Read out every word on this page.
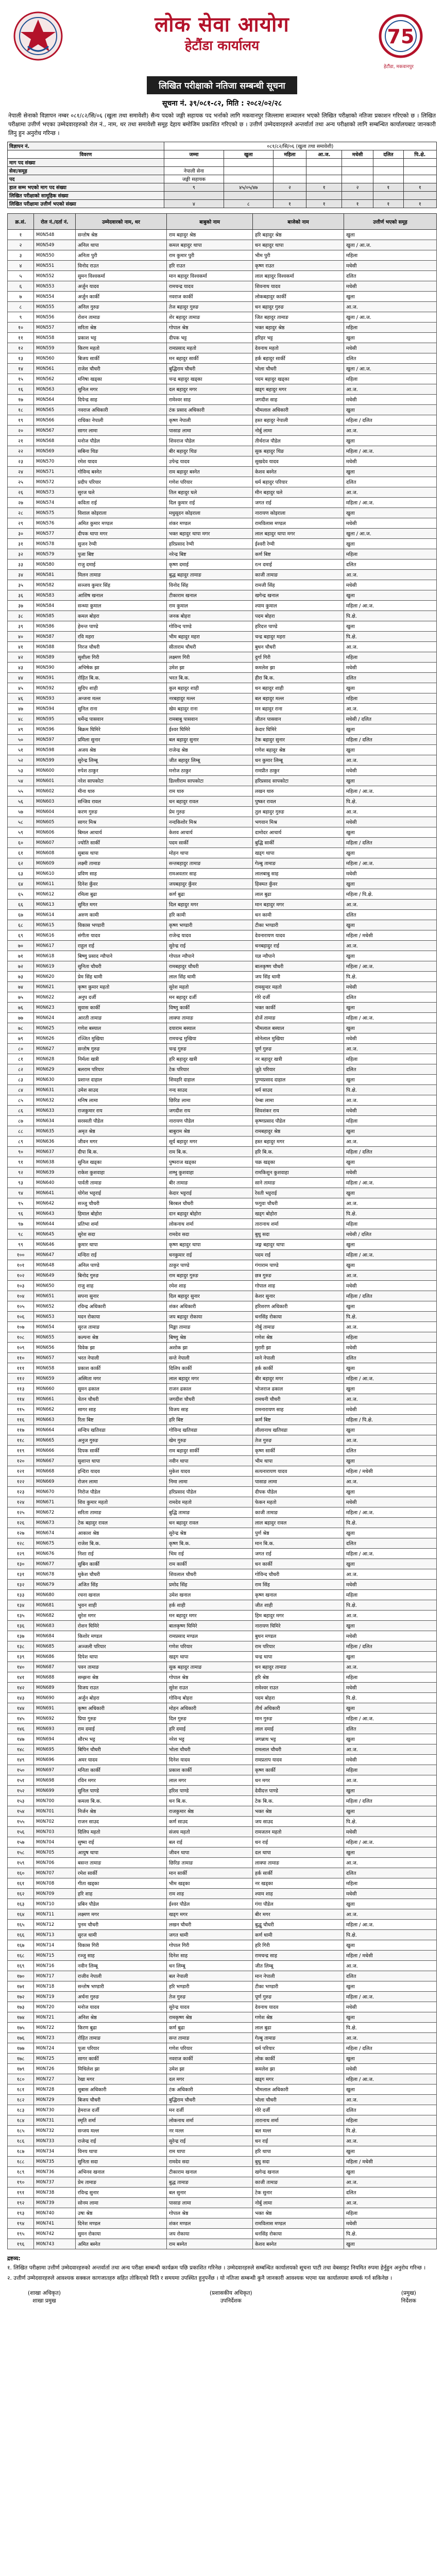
लोक सेवा आयोग
हेटौंडा कार्यालय	75
हेटौंडा, मकवानपुर
लिखित परीक्षाको नतिजा सम्बन्धी सूचना
सूचना नं. ३९/०८१-८२, मिति : २०८२/०२/२८
नेपाली सेनाको विज्ञापन नम्बर ०८१/८२/सि/०६ (खुला तथा समावेशी) सैन्य पदको जङ्गी सहायक पद भर्नाको लागि मकवानपुर जिल्लामा सञ्चालन भएको लिखित परीक्षाको नतिजा प्रकाशन गरिएको छ । लिखित परीक्षामा उत्तीर्ण भएका उम्मेदवारहरुको रोल नं., नाम, थर तथा समावेशी समूह देहाय बमोजिम प्रकाशित गरिएको छ । उत्तीर्ण उम्मेदवारहरुले अन्तर्वार्ता तथा अन्य परीक्षाको लागि सम्बन्धित कार्यालयबाट जानकारी लिनु हुन अनुरोध गरिन्छ ।
विज्ञापन नं.	०८१/८२/सि/०६ (खुला तथा समावेशी)						
विवरण	जम्मा	खुला	महिला	आ.ज.	मधेसी	दलित	पि.क्षे.
माग पद संख्या							
सेवा/समूह	नेपाली सेना						
पद	जङ्गी सहायक						
हाल सम्म भएको माग पद संख्या	९	४५/०५/४७	२	१	२	१	१
लिखित परीक्षाको सामूहिक संख्या							
लिखित परीक्षामा उत्तीर्ण भएको संख्या	४	८	१	१	१	१	१
क्र.सं.	रोल नं./दर्ता नं.	उम्मेदवारको नाम, थर	बाबुको नाम	बाजेको नाम	उत्तीर्ण भएको समूह
१	M0N548	सन्तोष श्रेष्ठ	राम बहादुर श्रेष्ठ	हरि बहादुर श्रेष्ठ	खुला
२	M0N549	अनिल थापा	कमल बहादुर थापा	धन बहादुर थापा	खुला / आ.ज.
३	M0N550	अनिता पुरी	राम कुमार पुरी	भीम पुरी	महिला
४	M0N551	विनोद राउत	हरि राउत	कृष्ण राउत	मधेसी
५	M0N552	सुमन विश्वकर्मा	मान बहादुर विश्वकर्मा	लाल बहादुर विश्वकर्मा	दलित
६	M0N553	अर्जुन यादव	रामचन्द्र यादव	शिवनाथ यादव	मधेसी
७	M0N554	अर्जुन कार्की	नवराज कार्की	लोकबहादुर कार्की	खुला
८	M0N555	अनिल गुरुङ	तेज बहादुर गुरुङ	धन बहादुर गुरुङ	आ.ज.
९	M0N556	रोशन तामाङ	शेर बहादुर तामाङ	जित बहादुर तामाङ	खुला / आ.ज.
१०	M0N557	सरिता श्रेष्ठ	गोपाल श्रेष्ठ	भक्त बहादुर श्रेष्ठ	महिला
११	M0N558	प्रकाश भट्ट	दीपक भट्ट	हरिहर भट्ट	खुला
१२	M0N559	किरण महतो	रामप्रसाद महतो	देवनाथ महतो	मधेसी
१३	M0N560	बिजय सार्की	मन बहादुर सार्की	हर्क बहादुर सार्की	दलित
१४	M0N561	राजेश चौधरी	बुद्धिराम चौधरी	भोला चौधरी	खुला / आ.ज.
१५	M0N562	मनिषा खड्का	चन्द्र बहादुर खड्का	पदम बहादुर खड्का	महिला
१६	M0N563	सुनिल मगर	दल बहादुर मगर	खड्ग बहादुर मगर	आ.ज.
१७	M0N564	दिपेन्द्र साह	रामेश्वर साह	जगदीश साह	मधेसी
१८	M0N565	नवराज अधिकारी	टंक प्रसाद अधिकारी	भीमलाल अधिकारी	खुला
१९	M0N566	राधिका नेपाली	कृष्ण नेपाली	हस्त बहादुर नेपाली	महिला / दलित
२०	M0N567	सागर लामा	पासाङ लामा	नोर्बु लामा	आ.ज.
२१	M0N568	मनोज पौडेल	शिवराज पौडेल	तीर्थराज पौडेल	खुला
२२	M0N569	सबिना थिङ	बीर बहादुर थिङ	सुक बहादुर थिङ	महिला / आ.ज.
२३	M0N570	रमेश यादव	उपेन्द्र यादव	सुखदेव यादव	मधेसी
२४	M0N571	गोविन्द बस्नेत	राम बहादुर बस्नेत	केशव बस्नेत	खुला
२५	M0N572	प्रदीप परियार	गणेश परियार	धर्म बहादुर परियार	दलित
२६	M0N573	सुरज घले	तिल बहादुर घले	मीन बहादुर घले	आ.ज.
२७	M0N574	कविता राई	दिल कुमार राई	जगत राई	महिला / आ.ज.
२८	M0N575	विशाल कोइराला	मधुसूदन कोइराला	नारायण कोइराला	खुला
२९	M0N576	अमित कुमार मण्डल	शंकर मण्डल	रामविलास मण्डल	मधेसी
३०	M0N577	दीपक थापा मगर	भक्त बहादुर थापा मगर	लाल बहादुर थापा मगर	खुला / आ.ज.
३१	M0N578	सुजन रेग्मी	हरिप्रसाद रेग्मी	ईश्वरी रेग्मी	खुला
३२	M0N579	पुजा बिष्ट	नरेन्द्र बिष्ट	कर्ण बिष्ट	महिला
३३	M0N580	राजु दमाई	कृष्ण दमाई	रत्न दमाई	दलित
३४	M0N581	मिलन तामाङ	बुद्ध बहादुर तामाङ	काजी तामाङ	आ.ज.
३५	M0N582	सञ्जय कुमार सिंह	विनोद सिंह	रामजी सिंह	मधेसी
३६	M0N583	आशिष खनाल	टीकाराम खनाल	खगेन्द्र खनाल	खुला
३७	M0N584	सन्ध्या कुमाल	राम कुमाल	श्याम कुमाल	महिला / आ.ज.
३८	M0N585	कमल बोहरा	जनक बोहरा	पदम बोहरा	पि.क्षे.
३९	M0N586	हेमन्त पाण्डे	गोविन्द पाण्डे	हरिदत्त पाण्डे	खुला
४०	M0N587	रवि महरा	भीम बहादुर महरा	चन्द्र बहादुर महरा	पि.क्षे.
४१	M0N588	निरज चौधरी	सीताराम चौधरी	बुधन चौधरी	आ.ज.
४२	M0N589	सुशीला गिरी	लक्ष्मण गिरी	दुर्गा गिरी	महिला
४३	M0N590	अभिषेक झा	उमेश झा	कमलेश झा	मधेसी
४४	M0N591	रोहित बि.क.	भरत बि.क.	हीरा बि.क.	दलित
४५	M0N592	सुदिप शाही	कुल बहादुर शाही	धन बहादुर शाही	खुला
४६	M0N593	अन्जना मल्ल	नरबहादुर मल्ल	बल बहादुर मल्ल	महिला
४७	M0N594	सुनिल राना	खेम बहादुर राना	मन बहादुर राना	आ.ज.
४८	M0N595	धर्मेन्द्र पासवान	रामबाबु पासवान	जीतन पासवान	मधेसी / दलित
४९	M0N596	बिक्रम घिमिरे	ईश्वर घिमिरे	केदार घिमिरे	खुला
५०	M0N597	प्रमिला सुनार	बल बहादुर सुनार	टेक बहादुर सुनार	महिला / दलित
५१	M0N598	अजय श्रेष्ठ	राजेन्द्र श्रेष्ठ	गणेश बहादुर श्रेष्ठ	खुला
५२	M0N599	सुरेन्द्र लिम्बू	जीत बहादुर लिम्बू	धन कुमार लिम्बू	आ.ज.
५३	M0N600	रुपेश ठाकुर	मनोज ठाकुर	रामप्रीत ठाकुर	मधेसी
५४	M0N601	नरेश सापकोटा	डिल्लीराम सापकोटा	हरिप्रसाद सापकोटा	खुला
५५	M0N602	मीना थारु	राम थारु	लखन थारु	महिला / आ.ज.
५६	M0N603	सन्जिव रावल	धन बहादुर रावल	पुष्कर रावल	पि.क्षे.
५७	M0N604	करण गुरुङ	प्रेम गुरुङ	तुल बहादुर गुरुङ	आ.ज.
५८	M0N605	सागर मिश्र	नन्दकिशोर मिश्र	भगवान मिश्र	मधेसी
५९	M0N606	बिमल आचार्य	केशव आचार्य	दामोदर आचार्य	खुला
६०	M0N607	ज्योति सार्की	पदम सार्की	बुद्धि सार्की	महिला / दलित
६१	M0N608	सुबास थापा	मोहन थापा	खड्ग थापा	खुला
६२	M0N609	लक्ष्मी तामाङ	सन्तबहादुर तामाङ	गेल्बु तामाङ	महिला / आ.ज.
६३	M0N610	प्रविण साह	रामअवतार साह	लालबाबु साह	मधेसी
६४	M0N611	दिनेश कुँवर	जयबहादुर कुँवर	हिक्मत कुँवर	खुला
६५	M0N612	रमिला बुढा	कर्ण बुढा	लाल बुढा	महिला / पि.क्षे.
६६	M0N613	सुमित मगर	दिल बहादुर मगर	मान बहादुर मगर	आ.ज.
६७	M0N614	अरुण कामी	हरि कामी	धन कामी	दलित
६८	M0N615	विकास भण्डारी	कृष्ण भण्डारी	टीका भण्डारी	खुला
६९	M0N616	संगीता यादव	राजेन्द्र यादव	देवनारायण यादव	महिला / मधेसी
७०	M0N617	राहुल राई	सुरेन्द्र राई	धनबहादुर राई	आ.ज.
७१	M0N618	बिष्णु प्रसाद न्यौपाने	गोपाल न्यौपाने	यज्ञ न्यौपाने	खुला
७२	M0N619	सुनिता चौधरी	रामबहादुर चौधरी	बालकृष्ण चौधरी	महिला / आ.ज.
७३	M0N620	प्रेम सिंह धामी	लाल सिंह धामी	जय सिंह धामी	पि.क्षे.
७४	M0N621	कृष्ण कुमार महतो	सुरेश महतो	रामसुन्दर महतो	मधेसी
७५	M0N622	अनुप दर्जी	मन बहादुर दर्जी	गोरे दर्जी	दलित
७६	M0N623	सुवास कार्की	विष्णु कार्की	भक्त कार्की	खुला
७७	M0N624	आरती तामाङ	लाक्पा तामाङ	दोर्जे तामाङ	महिला / आ.ज.
७८	M0N625	गणेश बस्याल	दयाराम बस्याल	भीमलाल बस्याल	खुला
७९	M0N626	रञ्जित मुखिया	रामचन्द्र मुखिया	सोनेलाल मुखिया	मधेसी
८०	M0N627	सन्तोष गुरुङ	चन्द्र गुरुङ	पूर्ण गुरुङ	आ.ज.
८१	M0N628	निर्मला खत्री	हरि बहादुर खत्री	नर बहादुर खत्री	महिला
८२	M0N629	बलराम परियार	टेक परियार	जुठे परियार	दलित
८३	M0N630	प्रशान्त दाहाल	शिवहरि दाहाल	पुण्यप्रसाद दाहाल	खुला
८४	M0N631	उमेश साउद	नन्द साउद	धर्म साउद	पि.क्षे.
८५	M0N632	मनिष लामा	छिरिङ लामा	पेम्बा लामा	आ.ज.
८६	M0N633	राजकुमार राय	जगदीश राय	शिवशंकर राय	मधेसी
८७	M0N634	सरस्वती पौडेल	नारायण पौडेल	कृष्णप्रसाद पौडेल	महिला
८८	M0N635	अमृत श्रेष्ठ	बाबुराम श्रेष्ठ	रामबहादुर श्रेष्ठ	खुला
८९	M0N636	जीवन मगर	सूर्य बहादुर मगर	हस्त बहादुर मगर	आ.ज.
९०	M0N637	दीपा बि.क.	राम बि.क.	हरि बि.क.	महिला / दलित
९१	M0N638	सुनिल खड्का	पुष्पराज खड्का	चक्र खड्का	खुला
९२	M0N639	राकेश कुशवाहा	शम्भु कुशवाहा	रामकिशुन कुशवाहा	मधेसी
९३	M0N640	पार्वती तामाङ	बीर तामाङ	साने तामाङ	महिला / आ.ज.
९४	M0N641	योगेश भट्टराई	केदार भट्टराई	रेवती भट्टराई	खुला
९५	M0N642	सञ्जु चौधरी	बिरबल चौधरी	फगुवा चौधरी	आ.ज.
९६	M0N643	हिमाल बोहोरा	दान बहादुर बोहोरा	खड्ग बोहोरा	पि.क्षे.
९७	M0N644	प्रतिभा शर्मा	लोकनाथ शर्मा	तारानाथ शर्मा	महिला
९८	M0N645	सुरेश सदा	रामदेव सदा	बुधु सदा	मधेसी / दलित
९९	M0N646	कुमार थापा	कृष्ण बहादुर थापा	जङ्ग बहादुर थापा	खुला
१००	M0N647	मन्दिरा राई	धनकुमार राई	पदम राई	महिला / आ.ज.
१०१	M0N648	अनिल पाण्डे	ठाकुर पाण्डे	गंगाराम पाण्डे	खुला
१०२	M0N649	बिनोद गुरुङ	राम बहादुर गुरुङ	छत्र गुरुङ	आ.ज.
१०३	M0N650	राजु शाह	रमेश शाह	गोपाल शाह	मधेसी
१०४	M0N651	सपना सुनार	दिल बहादुर सुनार	केशर सुनार	महिला / दलित
१०५	M0N652	रविन्द्र अधिकारी	शंकर अधिकारी	हरिशरण अधिकारी	खुला
१०६	M0N653	मदन रोकाया	जय बहादुर रोकाया	धनसिंह रोकाया	पि.क्षे.
१०७	M0N654	सुरज तामाङ	मिङ्मा तामाङ	नोर्बु तामाङ	आ.ज.
१०८	M0N655	कल्पना श्रेष्ठ	बिष्णु श्रेष्ठ	गणेश श्रेष्ठ	महिला
१०९	M0N656	विवेक झा	अशोक झा	मुरारी झा	मधेसी
११०	M0N657	भरत नेपाली	सन्ते नेपाली	माने नेपाली	दलित
१११	M0N658	प्रकाश कार्की	दिलिप कार्की	हर्क कार्की	खुला
११२	M0N659	अस्मिता मगर	लाल बहादुर मगर	बीर बहादुर मगर	महिला / आ.ज.
११३	M0N660	सुमन ढकाल	राजन ढकाल	भोजराज ढकाल	खुला
११४	M0N661	चेतन चौधरी	जगदीश चौधरी	रामधनी चौधरी	आ.ज.
११५	M0N662	सागर साह	विजय साह	रामनारायण साह	मधेसी
११६	M0N663	रिता बिष्ट	हरि बिष्ट	कर्ण बिष्ट	महिला / पि.क्षे.
११७	M0N664	सन्दिप खतिवडा	गोविन्द खतिवडा	लीलानाथ खतिवडा	खुला
११८	M0N665	अनुज गुरुङ	खेम गुरुङ	तेज गुरुङ	आ.ज.
११९	M0N666	दिपक सार्की	राम बहादुर सार्की	कृष्ण सार्की	दलित
१२०	M0N667	सुशान्त थापा	नवीन थापा	भीम थापा	खुला
१२१	M0N668	इन्दिरा यादव	मुकेश यादव	सत्यनारायण यादव	महिला / मधेसी
१२२	M0N669	रोजन लामा	निमा लामा	पासाङ लामा	आ.ज.
१२३	M0N670	निरोज पौडेल	हरिप्रसाद पौडेल	दीपक पौडेल	खुला
१२४	M0N671	शिव कुमार महतो	रामदेव महतो	फेकन महतो	मधेसी
१२५	M0N672	सरिता तामाङ	बुद्धि तामाङ	काजी तामाङ	महिला / आ.ज.
१२६	M0N673	टेक बहादुर रावल	धन बहादुर रावल	लाल बहादुर रावल	पि.क्षे.
१२७	M0N674	आकाश श्रेष्ठ	सुरेन्द्र श्रेष्ठ	पुर्ण श्रेष्ठ	खुला
१२८	M0N675	राजेश बि.क.	कृष्ण बि.क.	मान बि.क.	दलित
१२९	M0N676	निशा राई	भिम राई	जगत राई	महिला / आ.ज.
१३०	M0N677	सुबिन कार्की	राम कार्की	धन कार्की	खुला
१३१	M0N678	मुकेश चौधरी	शिवलाल चौधरी	गोविन्द चौधरी	आ.ज.
१३२	M0N679	अजित सिंह	प्रमोद सिंह	राम सिंह	मधेसी
१३३	M0N680	रचना खनाल	उमेश खनाल	कृष्ण खनाल	महिला
१३४	M0N681	भुवन शाही	हर्क शाही	जीत शाही	पि.क्षे.
१३५	M0N682	सुरेश मगर	मन बहादुर मगर	हिम बहादुर मगर	आ.ज.
१३६	M0N683	रोशन घिमिरे	बालकृष्ण घिमिरे	नारायण घिमिरे	खुला
१३७	M0N684	किशोर मण्डल	रामप्रसाद मण्डल	बुधन मण्डल	मधेसी
१३८	M0N685	अञ्जली परियार	गणेश परियार	राम परियार	महिला / दलित
१३९	M0N686	दिपेश थापा	खड्ग थापा	चन्द्र थापा	खुला
१४०	M0N687	पवन तामाङ	सुक बहादुर तामाङ	धन बहादुर तामाङ	आ.ज.
१४१	M0N688	सम्झना श्रेष्ठ	गोपाल श्रेष्ठ	हरि श्रेष्ठ	महिला
१४२	M0N689	विजय राउत	सुरेश राउत	रामेश्वर राउत	मधेसी
१४३	M0N690	अर्जुन बोहरा	गोविन्द बोहरा	पदम बोहरा	पि.क्षे.
१४४	M0N691	कृष्ण अधिकारी	मोहन अधिकारी	तीर्थ अधिकारी	खुला
१४५	M0N692	प्रिया गुरुङ	दिल गुरुङ	मान गुरुङ	महिला / आ.ज.
१४६	M0N693	राम दमाई	हरि दमाई	लाल दमाई	दलित
१४७	M0N694	सौरभ भट्ट	नरेश भट्ट	जगन्नाथ भट्ट	खुला
१४८	M0N695	बिपिन चौधरी	भोला चौधरी	रामलाल चौधरी	आ.ज.
१४९	M0N696	अमर यादव	दिनेश यादव	रामप्रताप यादव	मधेसी
१५०	M0N697	मनिता कार्की	प्रकाश कार्की	कृष्ण कार्की	महिला
१५१	M0N698	रविन मगर	लाल मगर	धन मगर	आ.ज.
१५२	M0N699	सुनिल पाण्डे	हरिश पाण्डे	देवीदत्त पाण्डे	खुला
१५३	M0N700	कमला बि.क.	धन बि.क.	टेक बि.क.	महिला / दलित
१५४	M0N701	निर्जन श्रेष्ठ	राजकुमार श्रेष्ठ	भक्त श्रेष्ठ	खुला
१५५	M0N702	राजन साउद	कर्ण साउद	जय साउद	पि.क्षे.
१५६	M0N703	दिलिप महतो	संजय महतो	रामजतन महतो	मधेसी
१५७	M0N704	सुष्मा राई	बल राई	धन राई	महिला / आ.ज.
१५८	M0N705	आयुष थापा	जीवन थापा	दल थापा	खुला
१५९	M0N706	बसन्त तामाङ	छिरिङ तामाङ	लाक्पा तामाङ	आ.ज.
१६०	M0N707	रमेश सार्की	मान सार्की	हर्क सार्की	दलित
१६१	M0N708	गीता खड्का	भीम खड्का	नर खड्का	महिला
१६२	M0N709	हरि शाह	राम शाह	श्याम शाह	मधेसी
१६३	M0N710	प्रबिन पौडेल	ईश्वर पौडेल	गंगा पौडेल	खुला
१६४	M0N711	लक्ष्मण मगर	खड्ग मगर	बीर मगर	आ.ज.
१६५	M0N712	पुनम चौधरी	लखन चौधरी	बुद्धु चौधरी	महिला / आ.ज.
१६६	M0N713	सुरज धामी	जगत धामी	कर्ण धामी	पि.क्षे.
१६७	M0N714	विकास गिरी	गोपाल गिरी	हरि गिरी	खुला
१६८	M0N715	रञ्जु साह	दिनेश साह	रामचन्द्र साह	महिला / मधेसी
१६९	M0N716	नवीन लिम्बू	धन लिम्बू	जीत लिम्बू	आ.ज.
१७०	M0N717	राजीव नेपाली	बल नेपाली	मान नेपाली	दलित
१७१	M0N718	सन्तोष भण्डारी	हरि भण्डारी	टीका भण्डारी	खुला
१७२	M0N719	अर्चना गुरुङ	तेज गुरुङ	पूर्ण गुरुङ	महिला / आ.ज.
१७३	M0N720	मनोज यादव	सुरेन्द्र यादव	देवनाथ यादव	मधेसी
१७४	M0N721	अनिश श्रेष्ठ	रामकृष्ण श्रेष्ठ	गणेश श्रेष्ठ	खुला
१७५	M0N722	किरण बुढा	कर्ण बुढा	लाल बुढा	पि.क्षे.
१७६	M0N723	रोहित तामाङ	सन्त तामाङ	गेल्बु तामाङ	आ.ज.
१७७	M0N724	पूजा परियार	गणेश परियार	धर्म परियार	महिला / दलित
१७८	M0N725	सागर कार्की	नवराज कार्की	लोक कार्की	खुला
१७९	M0N726	मिथिलेश झा	उमेश झा	कमलेश झा	मधेसी
१८०	M0N727	रेखा मगर	दल मगर	खड्ग मगर	महिला / आ.ज.
१८१	M0N728	सुबास अधिकारी	टंक अधिकारी	भीमलाल अधिकारी	खुला
१८२	M0N729	बिजय चौधरी	बुद्धिराम चौधरी	भोला चौधरी	आ.ज.
१८३	M0N730	हेमराज दर्जी	मन दर्जी	गोरे दर्जी	दलित
१८४	M0N731	स्मृति शर्मा	लोकनाथ शर्मा	तारानाथ शर्मा	महिला
१८५	M0N732	सन्जय मल्ल	नर मल्ल	बल मल्ल	पि.क्षे.
१८६	M0N733	राजेन्द्र राई	सुरेन्द्र राई	धन राई	आ.ज.
१८७	M0N734	विनय थापा	राम थापा	हरि थापा	खुला
१८८	M0N735	सुनिता सदा	रामदेव सदा	बुधु सदा	महिला / मधेसी
१८९	M0N736	अभिनव खनाल	टीकाराम खनाल	खगेन्द्र खनाल	खुला
१९०	M0N737	प्रेम तामाङ	बुद्ध तामाङ	काजी तामाङ	आ.ज.
१९१	M0N738	रविन्द्र सुनार	बल सुनार	टेक सुनार	दलित
१९२	M0N739	सोनम लामा	पासाङ लामा	नोर्बु लामा	आ.ज.
१९३	M0N740	उषा श्रेष्ठ	गोपाल श्रेष्ठ	भक्त श्रेष्ठ	महिला
१९४	M0N741	दिनेश मण्डल	शंकर मण्डल	रामविलास मण्डल	मधेसी
१९५	M0N742	सुमन रोकाया	जय रोकाया	धनसिंह रोकाया	पि.क्षे.
१९६	M0N743	अमित बस्नेत	राम बस्नेत	केशव बस्नेत	खुला
द्रष्टव्य:

१. लिखित परीक्षामा उत्तीर्ण उम्मेदवारहरुको अन्तर्वार्ता तथा अन्य परीक्षा सम्बन्धी कार्यक्रम पछि प्रकाशित गरिनेछ । उम्मेदवारहरुले सम्बन्धित कार्यालयको सूचना पाटी तथा वेबसाइट नियमित रुपमा हेर्नुहुन अनुरोध गरिन्छ ।

२. उत्तीर्ण उम्मेदवारहरुले आवश्यक सक्कल कागजातहरु सहित तोकिएको मिति र समयमा उपस्थित हुनुपर्नेछ । यो नतिजा सम्बन्धी कुनै जानकारी आवश्यक भएमा यस कार्यालयमा सम्पर्क गर्न सकिनेछ ।

(शाखा अधिकृत)
शाखा प्रमुख
(प्रशासकीय अधिकृत)
उपनिर्देशक
(प्रमुख)
निर्देशक
